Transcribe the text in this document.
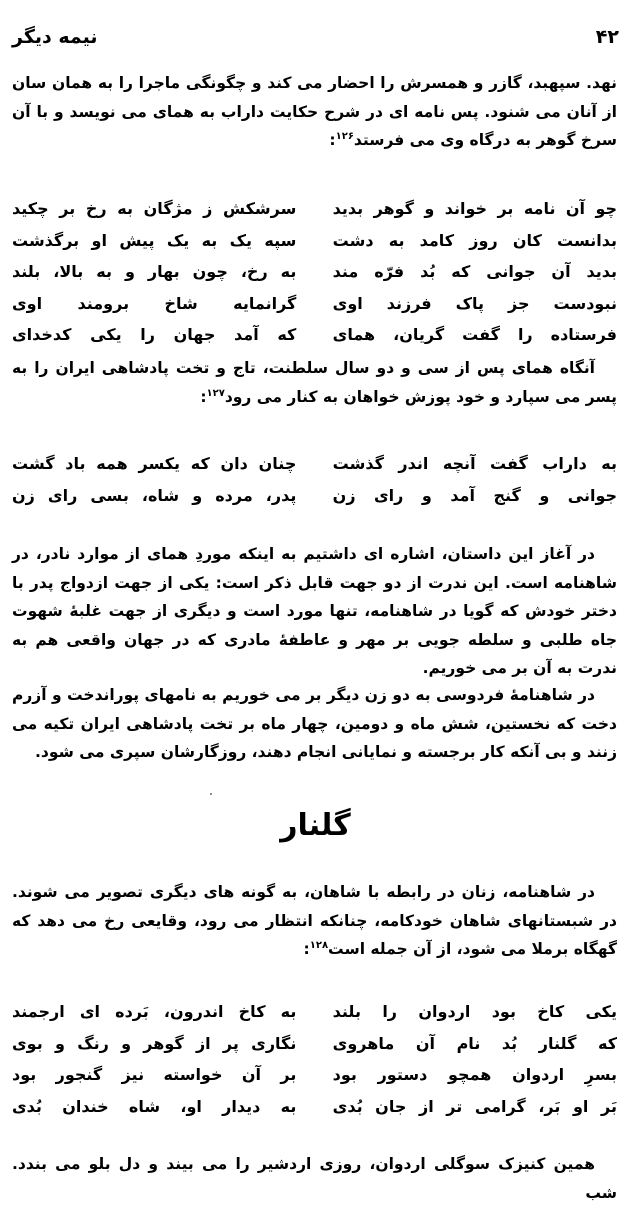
نیمه دیگر	۴۲

نهد. سپهبد، گازر و همسرش را احضار می کند و چگونگی ماجرا را به همان سان از آنان می شنود. پس نامه ای در شرح حکایت داراب به همای می نویسد و با آن سرخ گوهر به درگاه وی می فرستد$^{۱۲۶}$:

چو آن نامه بر خواند و گوهر بدید
سرشکش ز مژگان به رخ بر چکید
بدانست کان روز کامد به دشت
سپه یک به یک پیش او برگذشت
بدید آن جوانی که بُد فرّه مند
به رخ، چون بهار و به بالا، بلند
نبودست جز پاک فرزند اوی
گرانمایه شاخ برومند اوی
فرستاده را گفت گریان، همای
که آمد جهان را یکی کدخدای

آنگاه همای پس از سی و دو سال سلطنت، تاج و تخت پادشاهی ایران را به پسر می سپارد و خود پوزش خواهان به کنار می رود$^{۱۲۷}$:

به داراب گفت آنچه اندر گذشت
چنان دان که یکسر همه باد گشت
جوانی و گنج آمد و رای زن
پدر، مرده و شاه، بسی رای زن

در آغاز این داستان، اشاره ای داشتیم به اینکه موردِ همای از موارد نادر، در شاهنامه است. این ندرت از دو جهت قابل ذکر است: یکی از جهت ازدواج پدر با دختر خودش که گویا در شاهنامه، تنها مورد است و دیگری از جهت غلبهٔ شهوت جاه طلبی و سلطه جویی بر مهر و عاطفهٔ مادری که در جهان واقعی هم به ندرت به آن بر می خوریم.

در شاهنامهٔ فردوسی به دو زن دیگر بر می خوریم به نامهای پوراندخت و آزرم دخت که نخستین، شش ماه و دومین، چهار ماه بر تخت پادشاهی ایران تکیه می زنند و بی آنکه کار برجسته و نمایانی انجام دهند، روزگارشان سپری می شود.

گلنار

در شاهنامه، زنان در رابطه با شاهان، به گونه های دیگری تصویر می شوند. در شبستانهای شاهان خودکامه، چنانکه انتظار می رود، وقایعی رخ می دهد که گهگاه برملا می شود، از آن جمله است$^{۱۲۸}$:

یکی کاخ بود اردوان را بلند
به کاخ اندرون، بَرده ای ارجمند
که گلنار بُد نام آن ماهروی
نگاری پر از گوهر و رنگ و بوی
بسرِ اردوان همچو دستور بود
بر آن خواسته نیز گنجور بود
بَر او بَر، گرامی تر از جان بُدی
به دیدار او، شاه خندان بُدی

همین کنیزک سوگلی اردوان، روزی اردشیر را می بیند و دل بلو می بندد. شب
